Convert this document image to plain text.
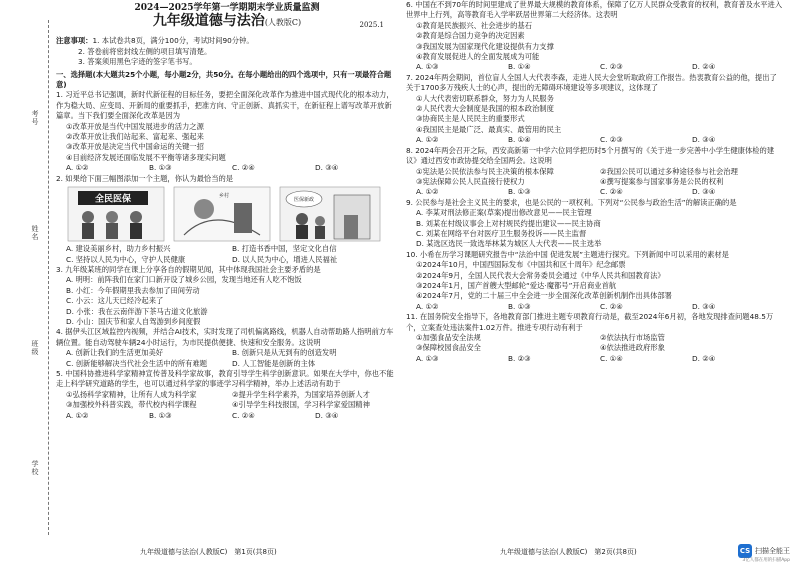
考号
姓名
班级
学校
2024—2025学年第一学期期末学业质量监测
九年级道德与法治(人教版C)	2025.1
注意事项：1. 本试卷共8页，满分100分，考试时间90分钟。
2. 答卷前将密封线左侧的项目填写清楚。
3. 答案须用黑色字迹的签字笔书写。
一、选择题(本大题共25个小题，每小题2分，共50分。在每小题给出的四个选项中，只有一项最符合题意)
1. 习近平总书记强调，新时代新征程的目标任务，要把全面深化改革作为推进中国式现代化的根本动力，作为稳大局、应变局、开新局的重要抓手，把准方向、守正创新、真抓实干，在新征程上谱写改革开放新篇章。当下我们要全面深化改革是因为
①改革开放是当代中国发展进步的活力之源
②改革开放让我们站起来、富起来、强起来
③改革开放是决定当代中国命运的关键一招
④目前经济发展还面临发展不平衡等诸多现实问题
A. ①②	B. ①③	C. ②④	D. ③④
2. 如果给下面三幅图添加一个主题，你认为最恰当的是
全民医保	乡村
医保新政
A. 建设美丽乡村，助力乡村振兴	B. 打造书香中国，坚定文化自信
C. 坚持以人民为中心，守护人民健康	D. 以人民为中心，增进人民福祉
3. 九年级某班的同学在课上分享各自的假期见闻，其中体现我国社会主要矛盾的是
A. 明明：前阵我们在家门口新开设了城乡公园，发现当地还有人吃不饱饭
B. 小红：今年假期里我去参加了田间劳动
C. 小云：这儿天已经冷起来了
D. 小张：我在云南伴游下茶马古道文化旅游
D. 小山：国庆节和家人自驾游到乡间度假
4. 据伊头江区域监控内视频，并结合AI技术，实时发现了司机偏离路线，机器人自动帮助路人指明前方车辆位置。能自动驾驶车辆24小时运行，为市民提供便捷、快速和安全服务。这说明
A. 创新让我们的生活更加美好	B. 创新只是从无到有的创造发明
C. 创新能够解决当代社会生活中的所有难题	D. 人工智能是创新的主体
5. 中国科协推进科学家精神宣传普及科学家故事，教育引导学生科学创新意识。如果在大学中，你也不能走上科学研究道路的学生，也可以通过科学家的事迹学习科学精神，举办上述活动有助于
①弘扬科学家精神，让所有人成为科学家	②提升学生科学素养，为国家培养创新人才
③加强校外科普实践，带代校内科学课程	④引导学生科技报国，学习科学家爱国精神
A. ①②	B. ①③	C. ②④	D. ③④
6. 中国在不到70年的时间里建成了世界最大规模的教育体系，保障了亿万人民群众受教育的权利，教育普及水平进入世界中上行列，高等教育毛入学率跃居世界第二大经济体。这表明
①教育是民族振兴、社会进步的基石
②教育是综合国力竞争的决定因素
③我国发展为国家现代化建设提供有力支撑
④教育发展促进人的全面发展成为可能
A. ①③	B. ①④	C. ②③	D. ②④
7. 2024年两会期间，首位盲人全国人大代表李森，走进人民大会堂听取政府工作报告。热衷教育公益的他，提出了关于1700多万残疾人士的心声，提出的无障碍环境建设等多项建议，这体现了
①人大代表密切联系群众，努力为人民服务
②人民代表大会制度是我国的根本政治制度
③协商民主是人民民主的重要形式
④我国民主是最广泛、最真实、最管用的民主
A. ①②	B. ①④	C. ②③	D. ③④
8. 2024年两会召开之际，西安高新第一中学六位同学把历时5个月撰写的《关于进一步完善中小学生健康体检的建议》通过西安市政协提交给全国两会。这说明
①宪法是公民依法参与民主决策的根本保障	②我国公民可以通过多种途径参与社会治理
③宪法保障公民人民直接行使权力	④撰写提案参与国家事务是公民的权利
A. ①②	B. ①③	C. ②④	D. ③④
9. 公民参与是社会主义民主的要求，也是公民的一项权利。下列对“公民参与政治生活”的解读正确的是
A. 李某对刑法修正案(草案)提出修改意见——民主管理
B. 刘某在村级议事会上对村规民约提出建议——民主协商
C. 刘某在网络平台对医疗卫生服务投诉——民主监督
D. 某选区选民一致选举林某为城区人大代表——民主选举
10. 小希在历学习课题研究报告中“法治中国 促进发展”主题进行探究。下列新闻中可以采用的素材是
①2024年10月，中国西国际发布《中国共和区十周年》纪念邮票
②2024年9月，全国人民代表大会常务委员会通过《中华人民共和国教育法》
③2024年1月，国产首艘大型邮轮“爱达·魔都号”开启商业首航
④2024年7月，党的二十届三中全会进一步全面深化改革创新机制作出具体部署
A. ①②	B. ①③	C. ②④	D. ③④
11. 在国务院安全指导下，各地教育部门推进主题专项教育行动是，截至2024年6月初，各地发现排查问题48.5万个，立案查处违法案件1.02万件。推进专项行动有利于
①加强食品安全法规	②依法执行市场监管
③保障校园食品安全	④依法推进政府形象
A. ①③	B. ②③	C. ①④	D. ②④
九年级道德与法治(人教版C)　第1页(共8页)	九年级道德与法治(人教版C)　第2页(共8页)	CS 扫描全能王
3亿人都在用的扫描App
